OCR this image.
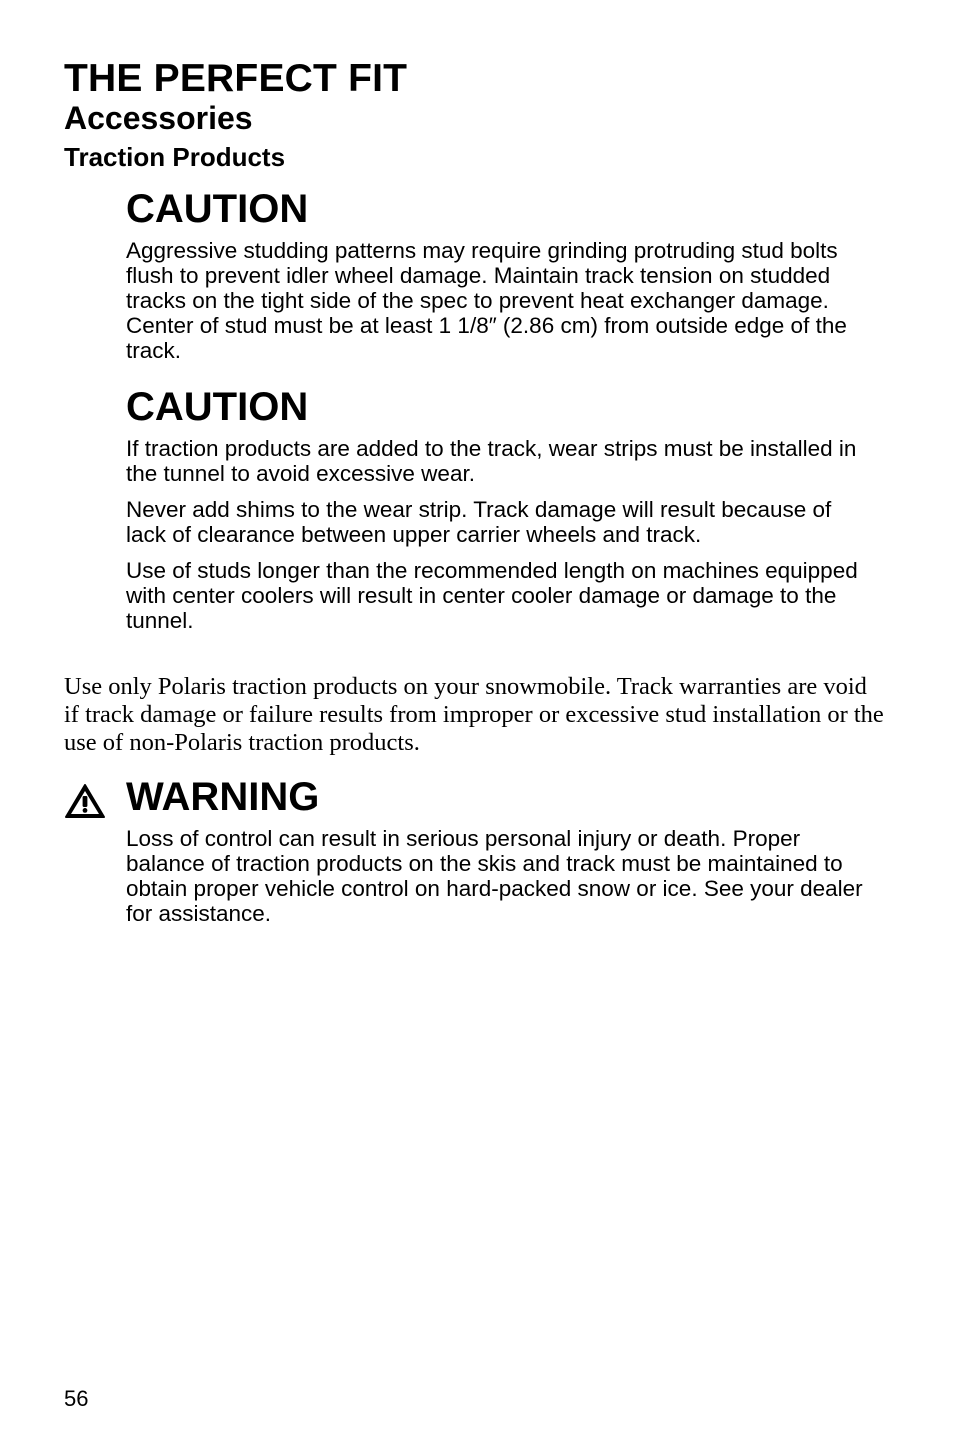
THE PERFECT FIT
Accessories
Traction Products
CAUTION

Aggressive studding patterns may require grinding protruding stud bolts flush to prevent idler wheel damage. Maintain track tension on studded tracks on the tight side of the spec to prevent heat exchanger damage. Center of stud must be at least 1 1/8″ (2.86 cm) from outside edge of the track.

CAUTION

If traction products are added to the track, wear strips must be installed in the tunnel to avoid excessive wear.

Never add shims to the wear strip. Track damage will result because of lack of clearance between upper carrier wheels and track.

Use of studs longer than the recommended length on machines equipped with center coolers will result in center cooler damage or damage to the tunnel.

Use only Polaris traction products on your snowmobile. Track warranties are void if track damage or failure results from improper or excessive stud installation or the use of non-Polaris traction products.

WARNING

Loss of control can result in serious personal injury or death. Proper balance of traction products on the skis and track must be maintained to obtain proper vehicle control on hard-packed snow or ice. See your dealer for assistance.

56
